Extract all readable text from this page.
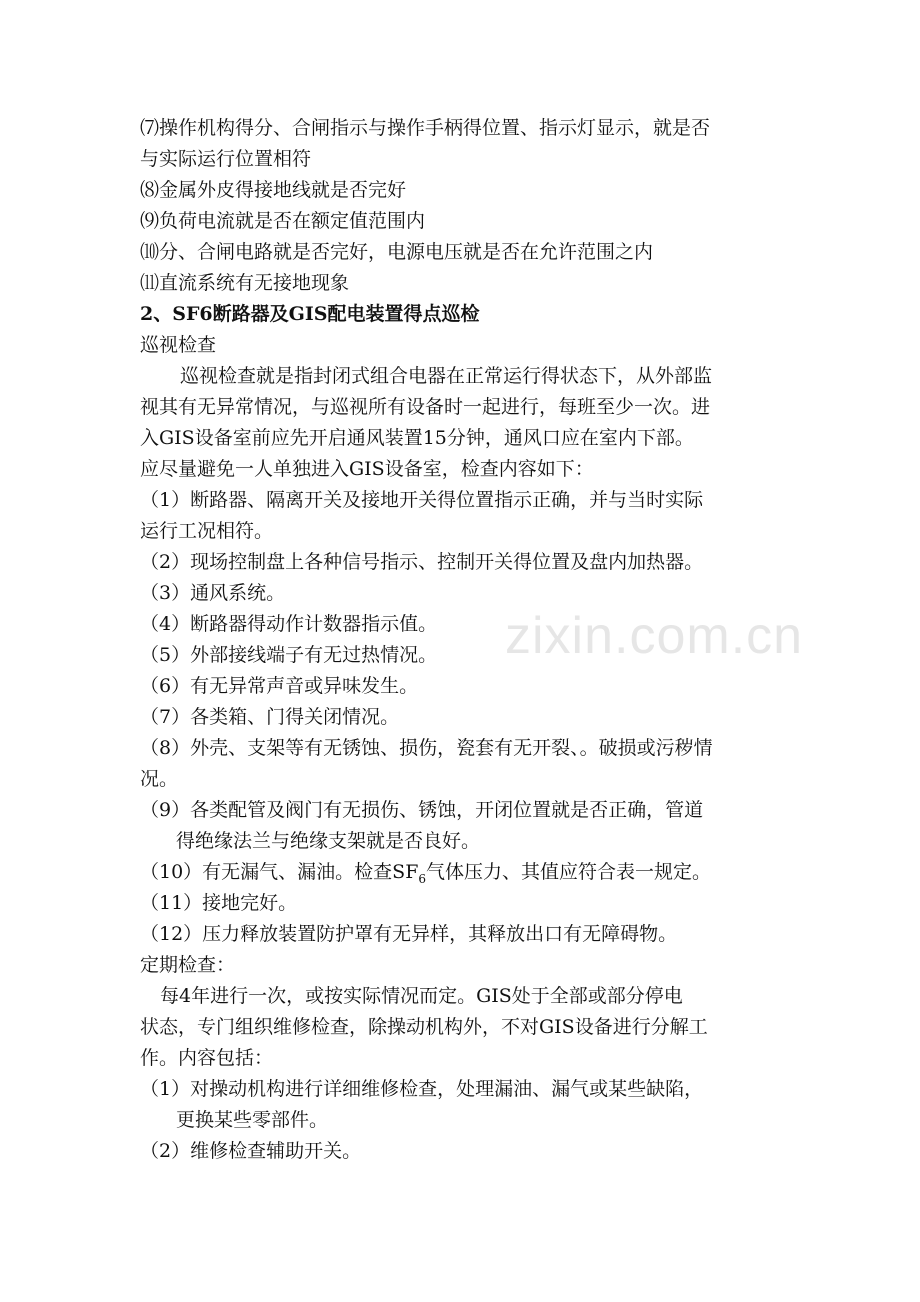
⑺操作机构得分、合闸指示与操作手柄得位置、指示灯显示，就是否
与实际运行位置相符
⑻金属外皮得接地线就是否完好
⑼负荷电流就是否在额定值范围内
⑽分、合闸电路就是否完好，电源电压就是否在允许范围之内
⑾直流系统有无接地现象
2、SF6断路器及GIS配电装置得点巡检
巡视检查
巡视检查就是指封闭式组合电器在正常运行得状态下，从外部监
视其有无异常情况，与巡视所有设备时一起进行，每班至少一次。进
入GIS设备室前应先开启通风装置15分钟，通风口应在室内下部。
应尽量避免一人单独进入GIS设备室，检查内容如下：
（1）断路器、隔离开关及接地开关得位置指示正确，并与当时实际
运行工况相符。
（2）现场控制盘上各种信号指示、控制开关得位置及盘内加热器。
（3）通风系统。
（4）断路器得动作计数器指示值。
（5）外部接线端子有无过热情况。
（6）有无异常声音或异味发生。
（7）各类箱、门得关闭情况。
（8）外壳、支架等有无锈蚀、损伤，瓷套有无开裂、。破损或污秽情
况。
（9）各类配管及阀门有无损伤、锈蚀，开闭位置就是否正确，管道
得绝缘法兰与绝缘支架就是否良好。
（10）有无漏气、漏油。检查$SF_6$气体压力、其值应符合表一规定。
（11）接地完好。
（12）压力释放装置防护罩有无异样，其释放出口有无障碍物。
定期检查：
每4年进行一次，或按实际情况而定。GIS处于全部或部分停电
状态，专门组织维修检查，除操动机构外，不对GIS设备进行分解工
作。内容包括：
（1）对操动机构进行详细维修检查，处理漏油、漏气或某些缺陷，
更换某些零部件。
（2）维修检查辅助开关。
zixin.com.cn
